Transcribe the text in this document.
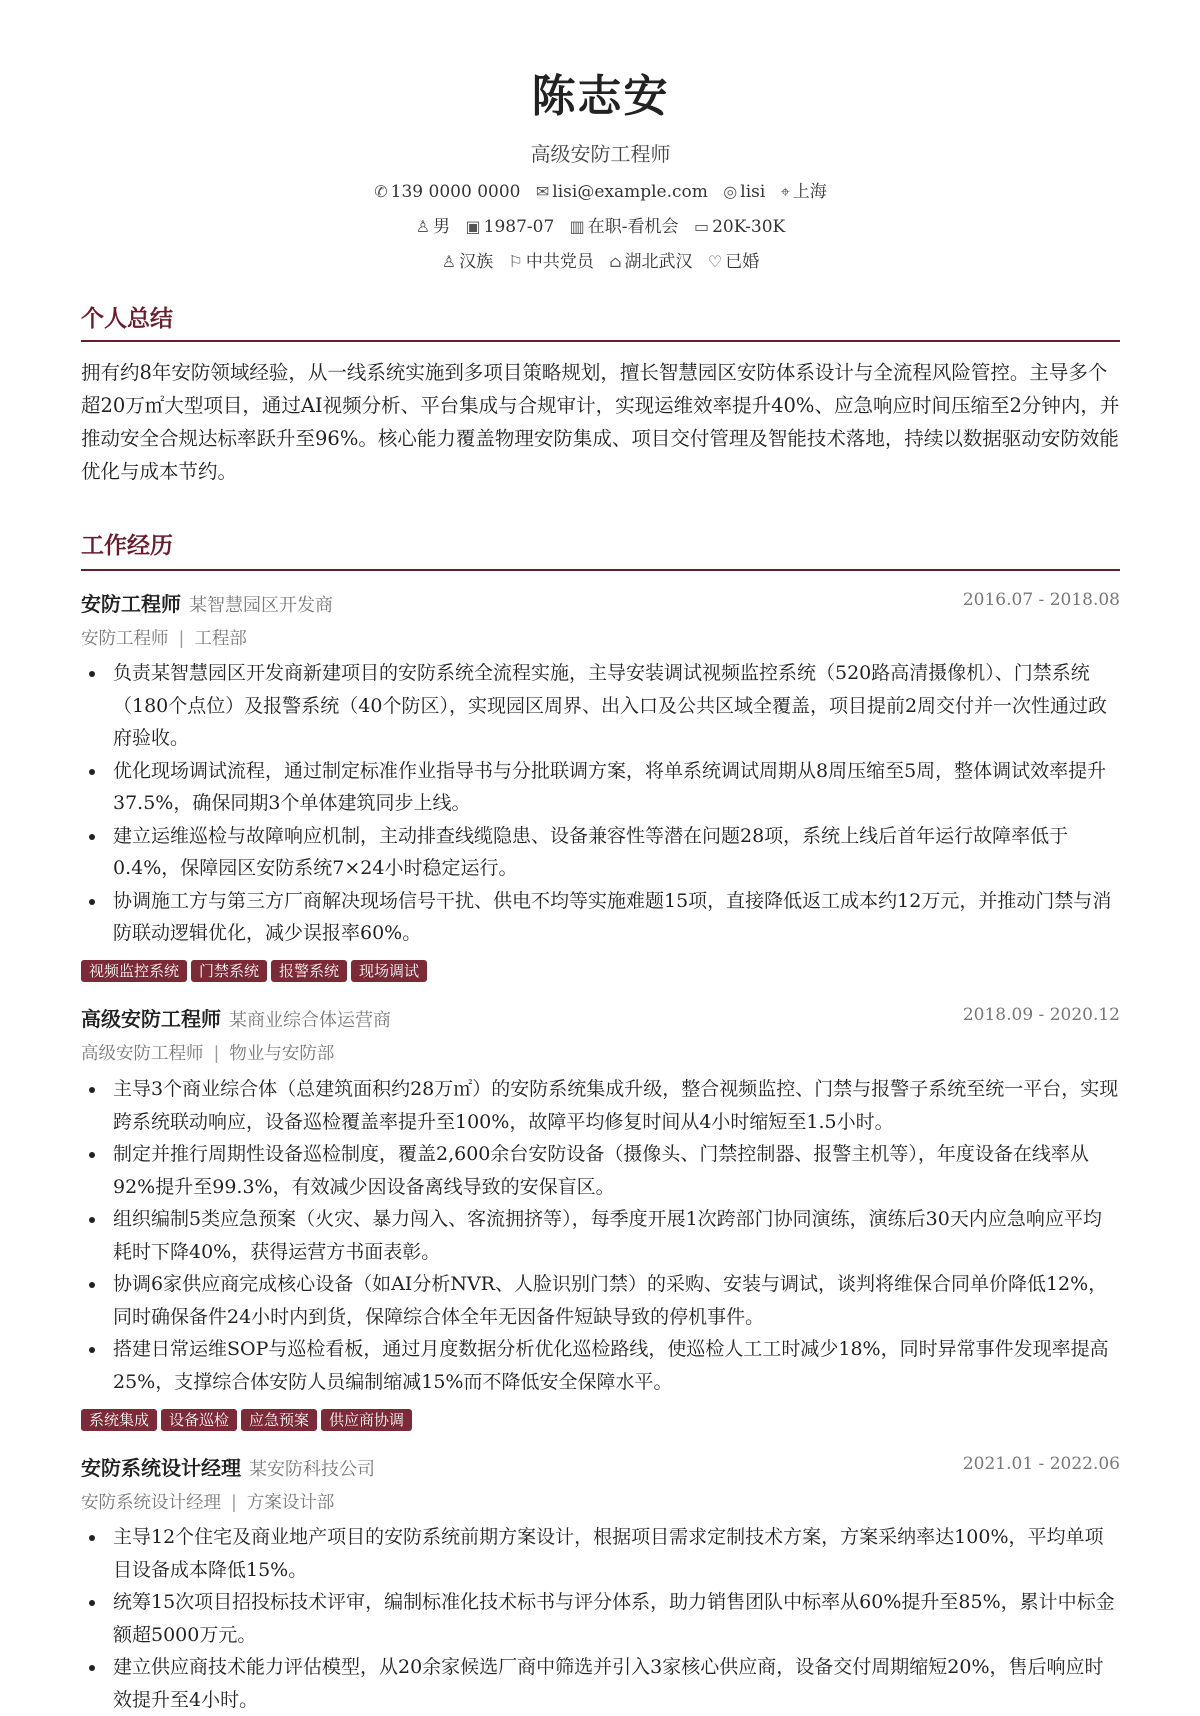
陈志安
高级安防工程师
✆ 139 0000 0000 ✉ lisi@example.com ◎ lisi ⌖ 上海
♙ 男 ▣ 1987-07 ▥ 在职-看机会 ▭ 20K-30K
♙ 汉族 ⚐ 中共党员 ⌂ 湖北武汉 ♡ 已婚
个人总结
拥有约8年安防领域经验，从一线系统实施到多项目策略规划，擅长智慧园区安防体系设计与全流程风险管控。主导多个超20万㎡大型项目，通过AI视频分析、平台集成与合规审计，实现运维效率提升40%、应急响应时间压缩至2分钟内，并推动安全合规达标率跃升至96%。核心能力覆盖物理安防集成、项目交付管理及智能技术落地，持续以数据驱动安防效能优化与成本节约。
工作经历
安防工程师 某智慧园区开发商	2016.07 - 2018.08
安防工程师 | 工程部
负责某智慧园区开发商新建项目的安防系统全流程实施，主导安装调试视频监控系统（520路高清摄像机）、门禁系统（180个点位）及报警系统（40个防区），实现园区周界、出入口及公共区域全覆盖，项目提前2周交付并一次性通过政府验收。
优化现场调试流程，通过制定标准作业指导书与分批联调方案，将单系统调试周期从8周压缩至5周，整体调试效率提升37.5%，确保同期3个单体建筑同步上线。
建立运维巡检与故障响应机制，主动排查线缆隐患、设备兼容性等潜在问题28项，系统上线后首年运行故障率低于0.4%，保障园区安防系统7×24小时稳定运行。
协调施工方与第三方厂商解决现场信号干扰、供电不均等实施难题15项，直接降低返工成本约12万元，并推动门禁与消防联动逻辑优化，减少误报率60%。
视频监控系统 门禁系统 报警系统 现场调试
高级安防工程师 某商业综合体运营商	2018.09 - 2020.12
高级安防工程师 | 物业与安防部
主导3个商业综合体（总建筑面积约28万㎡）的安防系统集成升级，整合视频监控、门禁与报警子系统至统一平台，实现跨系统联动响应，设备巡检覆盖率提升至100%，故障平均修复时间从4小时缩短至1.5小时。
制定并推行周期性设备巡检制度，覆盖2,600余台安防设备（摄像头、门禁控制器、报警主机等），年度设备在线率从92%提升至99.3%，有效减少因设备离线导致的安保盲区。
组织编制5类应急预案（火灾、暴力闯入、客流拥挤等），每季度开展1次跨部门协同演练，演练后30天内应急响应平均耗时下降40%，获得运营方书面表彰。
协调6家供应商完成核心设备（如AI分析NVR、人脸识别门禁）的采购、安装与调试，谈判将维保合同单价降低12%，同时确保备件24小时内到货，保障综合体全年无因备件短缺导致的停机事件。
搭建日常运维SOP与巡检看板，通过月度数据分析优化巡检路线，使巡检人工工时减少18%，同时异常事件发现率提高25%，支撑综合体安防人员编制缩减15%而不降低安全保障水平。
系统集成 设备巡检 应急预案 供应商协调
安防系统设计经理 某安防科技公司	2021.01 - 2022.06
安防系统设计经理 | 方案设计部
主导12个住宅及商业地产项目的安防系统前期方案设计，根据项目需求定制技术方案，方案采纳率达100%，平均单项目设备成本降低15%。
统筹15次项目招投标技术评审，编制标准化技术标书与评分体系，助力销售团队中标率从60%提升至85%，累计中标金额超5000万元。
建立供应商技术能力评估模型，从20余家候选厂商中筛选并引入3家核心供应商，设备交付周期缩短20%，售后响应时效提升至4小时。
